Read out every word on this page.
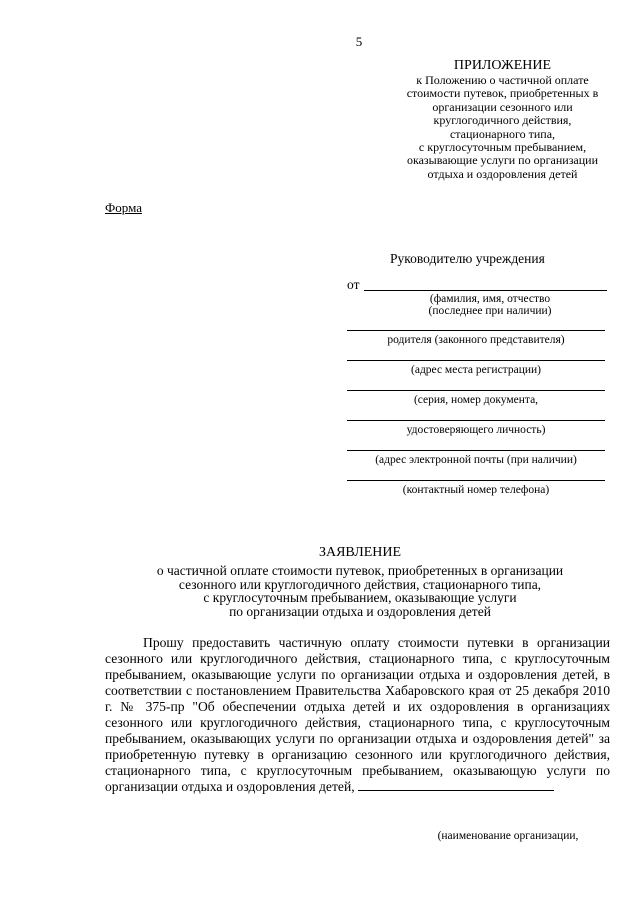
5
ПРИЛОЖЕНИЕ
к Положению о частичной оплате
стоимости путевок, приобретенных в
организации сезонного или
круглогодичного действия,
стационарного типа,
с круглосуточным пребыванием,
оказывающие услуги по организации
отдыха и оздоровления детей
Форма
Руководителю учреждения
от
(фамилия, имя, отчество
(последнее при наличии)
родителя (законного представителя)
(адрес места регистрации)
(серия, номер документа,
удостоверяющего личность)
(адрес электронной почты (при наличии)
(контактный номер телефона)
ЗАЯВЛЕНИЕ
о частичной оплате стоимости путевок, приобретенных в организации
сезонного или круглогодичного действия, стационарного типа,
с круглосуточным пребыванием, оказывающие услуги
по организации отдыха и оздоровления детей
Прошу предоставить частичную оплату стоимости путевки в организации сезонного или круглогодичного действия, стационарного типа, с круглосуточным пребыванием, оказывающие услуги по организации отдыха и оздоровления детей, в соответствии с постановлением Правительства Хабаровского края от 25 декабря 2010 г. № 375-пр "Об обеспечении отдыха детей и их оздоровления в организациях сезонного или круглогодичного действия, стационарного типа, с круглосуточным пребыванием, оказывающих услуги по организации отдыха и оздоровления детей" за приобретенную путевку в организацию сезонного или круглогодичного действия, стационарного типа, с круглосуточным пребыванием, оказывающую услуги по организации отдыха и оздоровления детей,
(наименование организации,
